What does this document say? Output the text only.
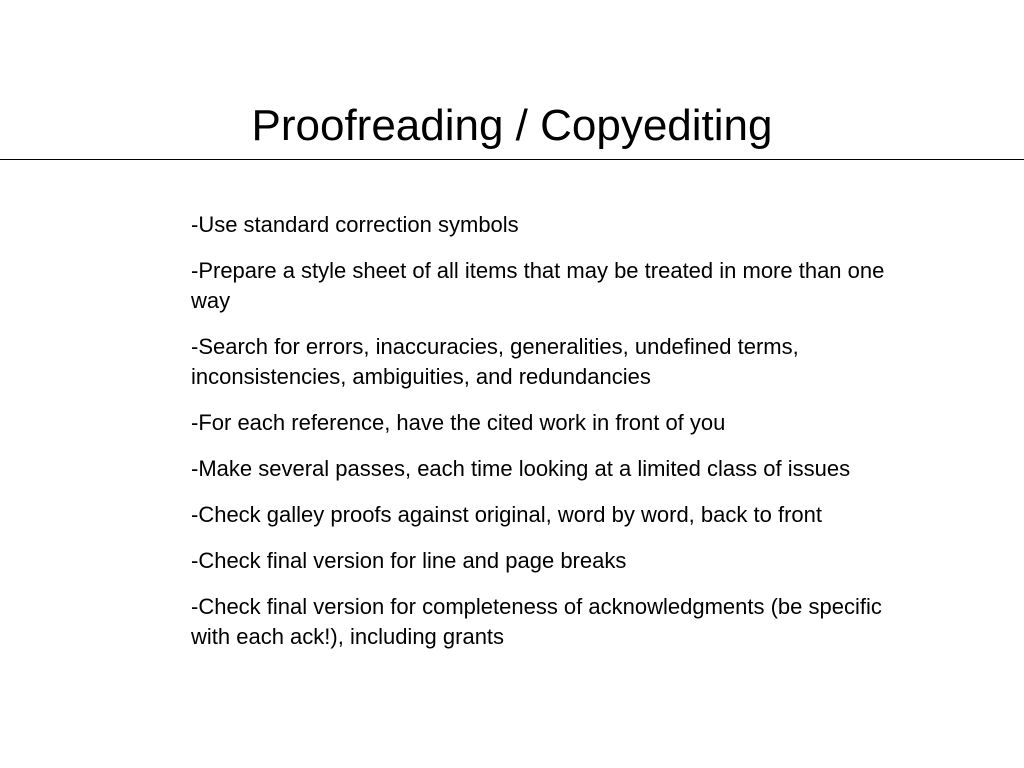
Proofreading / Copyediting
-Use standard correction symbols
-Prepare a style sheet of all items that may be treated in more than one way
-Search for errors, inaccuracies, generalities, undefined terms, inconsistencies, ambiguities, and redundancies
-For each reference, have the cited work in front of you
-Make several passes, each time looking at a limited class of issues
-Check galley proofs against original, word by word, back to front
-Check final version for line and page breaks
-Check final version for completeness of acknowledgments (be specific with each ack!), including grants
